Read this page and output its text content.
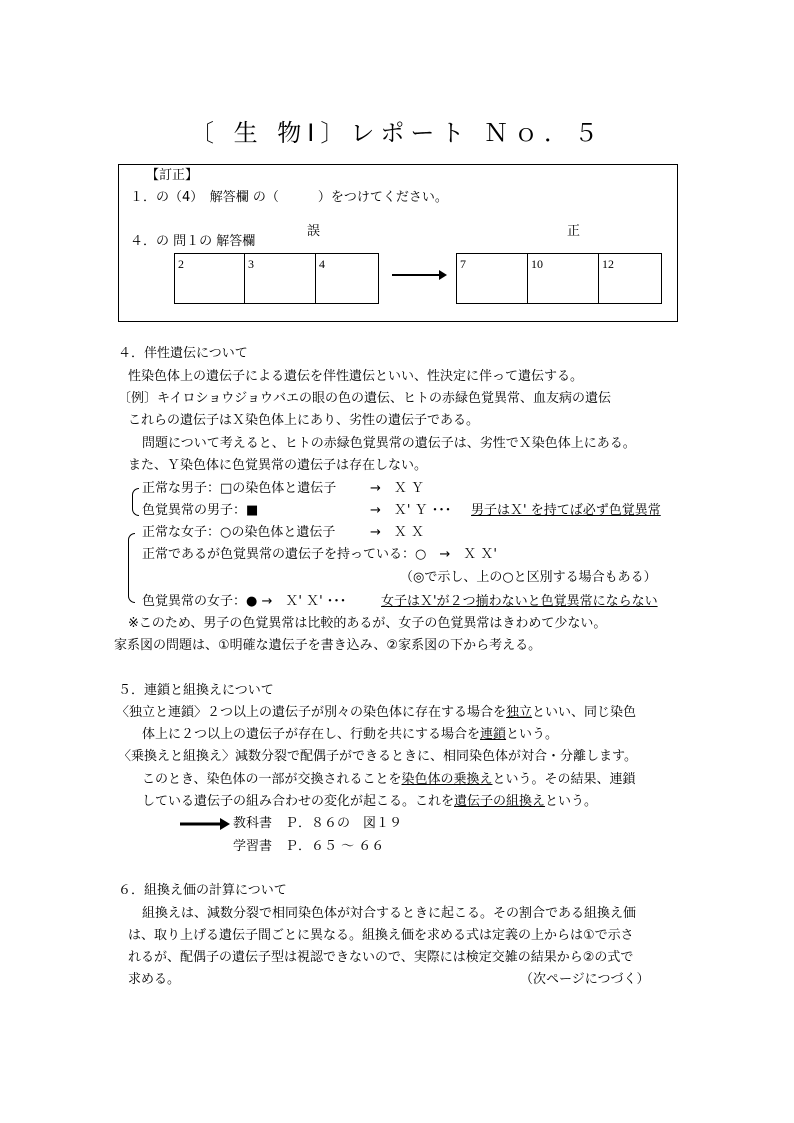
〔 生 物Ⅰ〕レポート Ｎｏ．５
【訂正】
１．の（4）　解答欄 の（　　　）をつけてください。
誤	正
４．の 問１の 解答欄
2	3	4	7	10	12
４．伴性遺伝について
性染色体上の遺伝子による遺伝を伴性遺伝といい、性決定に伴って遺伝する。
〔例〕キイロショウジョウバエの眼の色の遺伝、ヒトの赤緑色覚異常、血友病の遺伝
これらの遺伝子はＸ染色体上にあり、劣性の遺伝子である。
問題について考えると、ヒトの赤緑色覚異常の遺伝子は、劣性でＸ染色体上にある。
また、Ｙ染色体に色覚異常の遺伝子は存在しない。
正常な男子：□の染色体と遺伝子	→　Ｘ Ｙ
色覚異常の男子：■	→　Ｘ' Ｙ ･･･ 男子はＸ' を持てば必ず色覚異常
正常な女子：○の染色体と遺伝子	→　Ｘ Ｘ
正常であるが色覚異常の遺伝子を持っている：○　→　Ｘ Ｘ'
（◎で示し、上の○と区別する場合もある）
色覚異常の女子：● →　Ｘ' Ｘ' ･･･	女子はＸ'が２つ揃わないと色覚異常にならない
※このため、男子の色覚異常は比較的あるが、女子の色覚異常はきわめて少ない。
家系図の問題は、①明確な遺伝子を書き込み、②家系図の下から考える。
５．連鎖と組換えについて
〈独立と連鎖〉２つ以上の遺伝子が別々の染色体に存在する場合を独立といい、同じ染色
体上に２つ以上の遺伝子が存在し、行動を共にする場合を連鎖という。
〈乗換えと組換え〉減数分裂で配偶子ができるときに、相同染色体が対合・分離します。
このとき、染色体の一部が交換されることを染色体の乗換えという。その結果、連鎖
している遺伝子の組み合わせの変化が起こる。これを遺伝子の組換えという。
教科書　Ｐ．８６の　図１９
学習書　Ｐ．６５ ～ ６６
６．組換え価の計算について
組換えは、減数分裂で相同染色体が対合するときに起こる。その割合である組換え価
は、取り上げる遺伝子間ごとに異なる。組換え価を求める式は定義の上からは①で示さ
れるが、配偶子の遺伝子型は視認できないので、実際には検定交雑の結果から②の式で
求める。	（次ページにつづく）
